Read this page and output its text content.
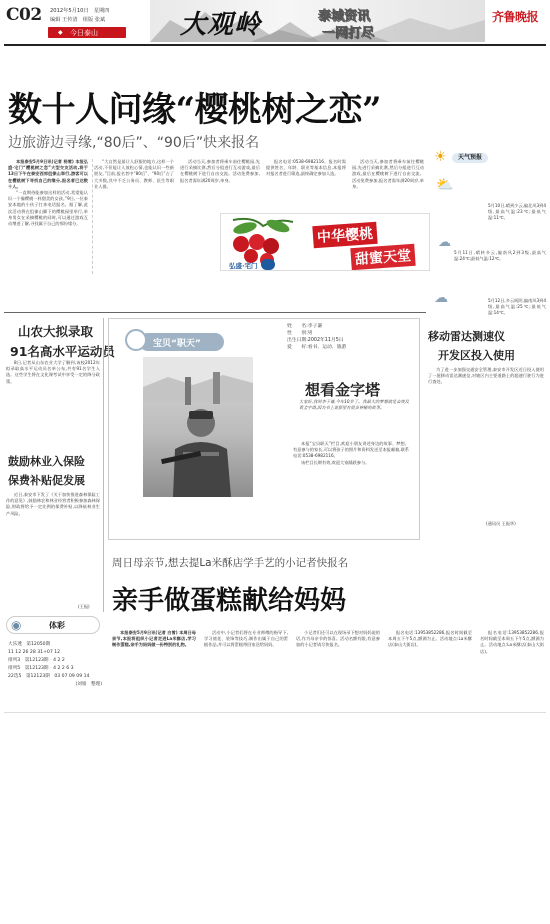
C02 2012年5月10日　星期四
编辑 王传清　组版 张斌
今日泰山
◆	大观岭	泰城资讯
一网打尽
齐鲁晚报
数十人问缘“樱桃树之恋”
边旅游边寻缘,“80后”、“90后”快来报名

本报泰安5月9日讯(记者 杨雪) 本报弘盛·宅门“樱桃树之恋”大型交友活动,将于13日下午在泰安西郊徂徕山举行,游客可以在樱桃树下寻找自己的缘分,报名者已达数十人。

“一直期待能参加这样的活动,希望能认识一个像樱桃一样甜美的女孩。”9日,一位泰安本地的小伙子打来电话报名。据了解,此次活动将在徂徕山脚下的樱桃园里举行,单身男女在采摘樱桃的同时,可以通过游戏互动增进了解,寻找属于自己的那份缘分。

“大自然是最让人舒服的地方,这样一个活动,不但能让人放松心情,也能认识一些新朋友。”目前,报名者中“80后”、“90后”占了大多数,其中不乏公务员、教师、医生等职业人群。

活动当天,参加者将乘车前往樱桃园,先进行采摘比赛,然后分组进行互动游戏,最后在樱桃树下进行自由交流。活动免费参加,报名者需年满20周岁,单身。

报名电话:0538-6982116。报名时需提供姓名、年龄、职业等基本信息,本报将对报名者进行筛选,最终确定参加人选。

活动当天,参加者将乘车前往樱桃园,先进行采摘比赛,然后分组进行互动游戏,最后在樱桃树下进行自由交流。活动免费参加,报名者需年满20周岁,单身。

弘盛·宅门
中华樱桃
甜蜜天堂
天气预报
☀
⛅
5月10日,晴到少云,偏北风3到4级,最高气温:23℃;最低气温:11℃。
☁
5月11日,晴转多云,偏南风2到3级,最高气温:24℃;最低气温:12℃。
☁	5月12日,多云间阴,偏南风3到4级,最高气温:25℃;最低气温:14℃。
山农大拟录取
91名高水平运动员

8日,记者从山东农业大学了解到,该校2012年拟录取高水平运动员名单公布,共有91名学生入选。这些学生将在文化课考试中享受一定的降分政策。

鼓励林业入保险
保费补贴促发展

近日,泰安市下发了《关于加快推进森林保险工作的意见》,鼓励林农和林业经营者积极参加森林保险,财政将给予一定比例的保费补贴,以降低林业生产风险。

(王振)
宝贝“职天”
姓　　名:李子谦
性　　别:男
出生日期:2002年11月5日
爱　　好:看书、运动、旅游
想看金字塔
大家好,我叫李子谦,今年10岁了。我最大的梦想就是去埃及看金字塔,因为书上说那里有很多神秘的故事。

本报“宝贝职天”栏目,欢迎小朋友讲述身边的故事、梦想。有意参与的家长,可以将孩子的照片和资料发送至本报邮箱,联系电话:0538-6982116。

该栏目长期有效,欢迎大家踊跃参与。

移动雷达测速仪
开发区投入使用

为了进一步加强交通安全管理,泰安市开发区近日投入使用了一批移动雷达测速仪,对辖区内主要道路上的超速行驶行为进行查处。

(通讯员 王振华)
周日母亲节,想去提La米酥店学手艺的小记者快报名
亲手做蛋糕献给妈妈

本报泰安5月9日讯(记者 白雪) 本周日母亲节,本报将组织小记者走进La米酥店,学习制作蛋糕,亲手为妈妈做一份特别的礼物。

活动中,小记者们将在专业师傅的指导下,学习裱花、装饰等技巧,制作出属于自己的蛋糕作品,并可以将蛋糕带回家送给妈妈。

小记者们还可以在现场录下想对妈妈说的话,作为母亲节的惊喜。活动名额有限,有意参加的小记者请尽快报名。

报名电话:13953852286,报名时间截至本周五下午5点,额满为止。活动地点:La米酥店(泰山大街店)。

报名电话:13953852286,报名时间截至本周五下午5点,额满为止。活动地点:La米酥店(泰山大街店)。

◉	体彩
大乐透　第12050期
11 12 26 28 31+07 12
排列3　第12123期　4 2 2
排列5　第12123期　4 2 2 6 3
22选5　第12123期　03 07 09 09 14
(刘娟　整理)
